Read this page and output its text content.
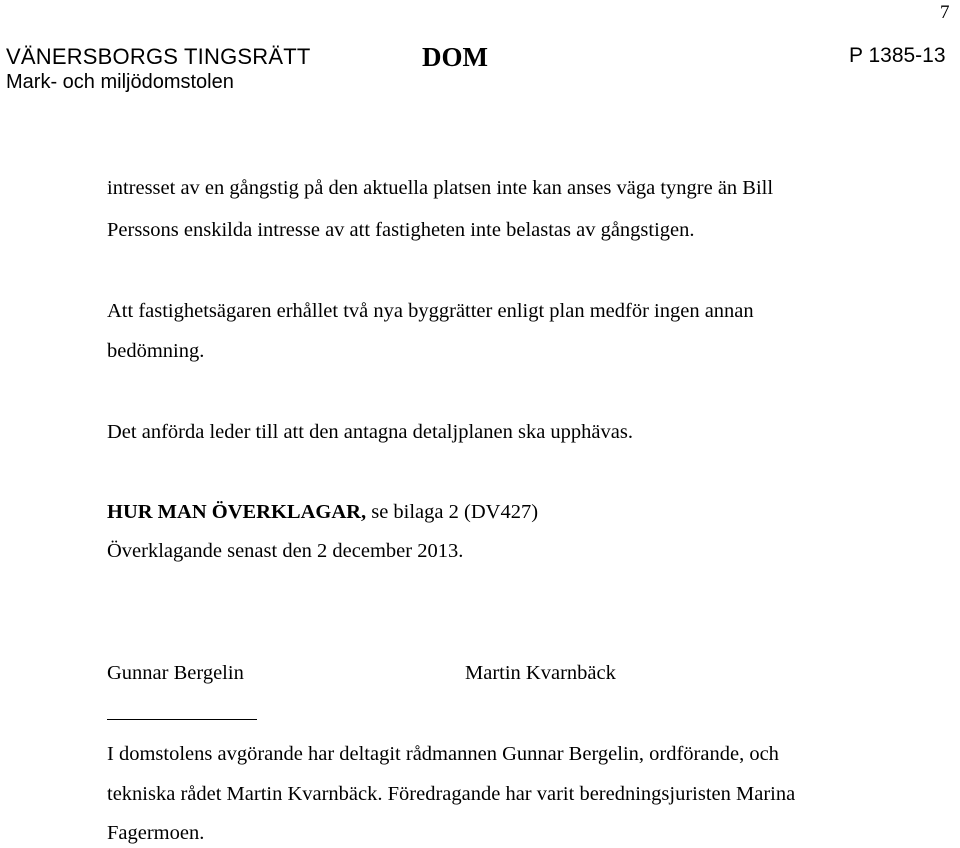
7
VÄNERSBORGS TINGSRÄTT
Mark- och miljödomstolen
DOM	P 1385-13
intresset av en gångstig på den aktuella platsen inte kan anses väga tyngre än Bill
Perssons enskilda intresse av att fastigheten inte belastas av gångstigen.
Att fastighetsägaren erhållet två nya byggrätter enligt plan medför ingen annan
bedömning.
Det anförda leder till att den antagna detaljplanen ska upphävas.
HUR MAN ÖVERKLAGAR, se bilaga 2 (DV427)
Överklagande senast den 2 december 2013.
Gunnar Bergelin	Martin Kvarnbäck
I domstolens avgörande har deltagit rådmannen Gunnar Bergelin, ordförande, och
tekniska rådet Martin Kvarnbäck. Föredragande har varit beredningsjuristen Marina
Fagermoen.
